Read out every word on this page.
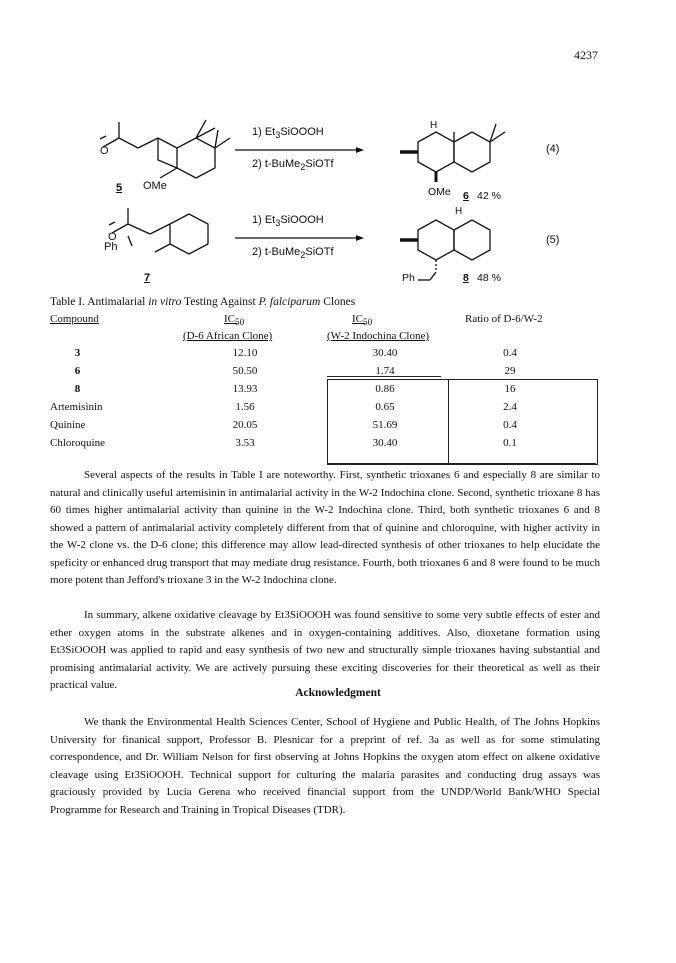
4237
O
5 OMe
1) $Et_3SiOOOH$
2) t-BuMe$_2$SiOTf
H
OMe 6 42 %
(4)
O
Ph
7
1) $Et_3SiOOOH$
2) t-BuMe$_2$SiOTf
H
Ph	8 48 %
(5)
Table I. Antimalarial in vitro Testing Against P. falciparum Clones
Compound	$IC_{50}$	$IC_{50}$	Ratio of D-6/W-2
(D-6 African Clone)	(W-2 Indochina Clone)
3	12.10	30.40	0.4
6	50.50	1.74	29
8	13.93	0.86	16
Artemisinin	1.56	0.65	2.4
Quinine	20.05	51.69	0.4
Chloroquine	3.53	30.40	0.1

Several aspects of the results in Table I are noteworthy. First, synthetic trioxanes 6 and especially 8 are similar to natural and clinically useful artemisinin in antimalarial activity in the W-2 Indochina clone. Second, synthetic trioxane 8 has 60 times higher antimalarial activity than quinine in the W-2 Indochina clone. Third, both synthetic trioxanes 6 and 8 showed a pattern of antimalarial activity completely different from that of quinine and chloroquine, with higher activity in the W-2 clone vs. the D-6 clone; this difference may allow lead-directed synthesis of other trioxanes to help elucidate the speficity or enhanced drug transport that may mediate drug resistance. Fourth, both trioxanes 6 and 8 were found to be much more potent than Jefford's trioxane 3 in the W-2 Indochina clone.

In summary, alkene oxidative cleavage by Et3SiOOOH was found sensitive to some very subtle effects of ester and ether oxygen atoms in the substrate alkenes and in oxygen-containing additives. Also, dioxetane formation using Et3SiOOOH was applied to rapid and easy synthesis of two new and structurally simple trioxanes having substantial and promising antimalarial activity. We are actively pursuing these exciting discoveries for their theoretical as well as their practical value.

Acknowledgment

We thank the Environmental Health Sciences Center, School of Hygiene and Public Health, of The Johns Hopkins University for finanical support, Professor B. Plesnicar for a preprint of ref. 3a as well as for some stimulating correspondence, and Dr. William Nelson for first observing at Johns Hopkins the oxygen atom effect on alkene oxidative cleavage using Et3SiOOOH. Technical support for culturing the malaria parasites and conducting drug assays was graciously provided by Lucia Gerena who received financial support from the UNDP/World Bank/WHO Special Programme for Research and Training in Tropical Diseases (TDR).
